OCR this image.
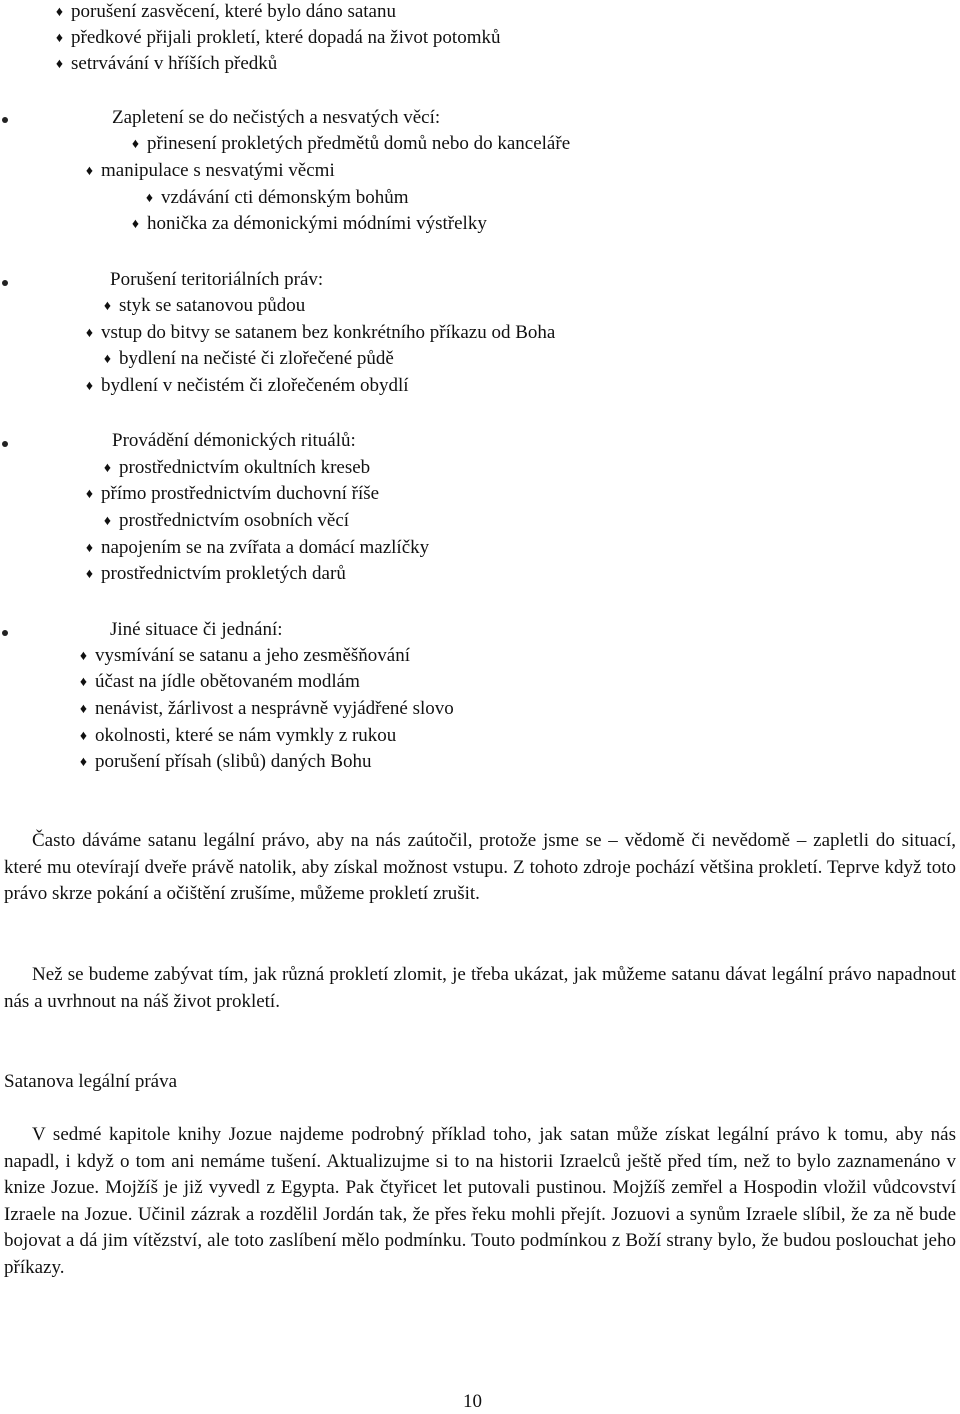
♦ porušení zasvěcení, které bylo dáno satanu
♦ předkové přijali prokletí, které dopadá na život potomků
♦ setrvávání v hříších předků
Zapletení se do nečistých a nesvatých věcí:
♦ přinesení prokletých předmětů domů nebo do kanceláře
♦ manipulace s nesvatými věcmi
♦ vzdávání cti démonským bohům
♦ honička za démonickými módními výstřelky
Porušení teritoriálních práv:
♦ styk se satanovou půdou
♦ vstup do bitvy se satanem bez konkrétního příkazu od Boha
♦ bydlení na nečisté či zlořečené půdě
♦ bydlení v nečistém či zlořečeném obydlí
Provádění démonických rituálů:
♦ prostřednictvím okultních kreseb
♦ přímo prostřednictvím duchovní říše
♦ prostřednictvím osobních věcí
♦ napojením se na zvířata a domácí mazlíčky
♦ prostřednictvím prokletých darů
Jiné situace či jednání:
♦ vysmívání se satanu a jeho zesměšňování
♦ účast na jídle obětovaném modlám
♦ nenávist, žárlivost a nesprávně vyjádřené slovo
♦ okolnosti, které se nám vymkly z rukou
♦ porušení přísah (slibů) daných Bohu
Často dáváme satanu legální právo, aby na nás zaútočil, protože jsme se – vědomě či nevědomě – zapletli do situací, které mu otevírají dveře právě natolik, aby získal možnost vstupu. Z tohoto zdroje pochází většina prokletí. Teprve když toto právo skrze pokání a očištění zrušíme, můžeme prokletí zrušit.
Než se budeme zabývat tím, jak různá prokletí zlomit, je třeba ukázat, jak můžeme satanu dávat legální právo napadnout nás a uvrhnout na náš život prokletí.
Satanova legální práva
V sedmé kapitole knihy Jozue najdeme podrobný příklad toho, jak satan může získat legální právo k tomu, aby nás napadl, i když o tom ani nemáme tušení. Aktualizujme si to na historii Izraelců ještě před tím, než to bylo zaznamenáno v knize Jozue. Mojžíš je již vyvedl z Egypta. Pak čtyřicet let putovali pustinou. Mojžíš zemřel a Hospodin vložil vůdcovství Izraele na Jozue. Učinil zázrak a rozdělil Jordán tak, že přes řeku mohli přejít. Jozuovi a synům Izraele slíbil, že za ně bude bojovat a dá jim vítězství, ale toto zaslíbení mělo podmínku. Touto podmínkou z Boží strany bylo, že budou poslouchat jeho příkazy.
10
